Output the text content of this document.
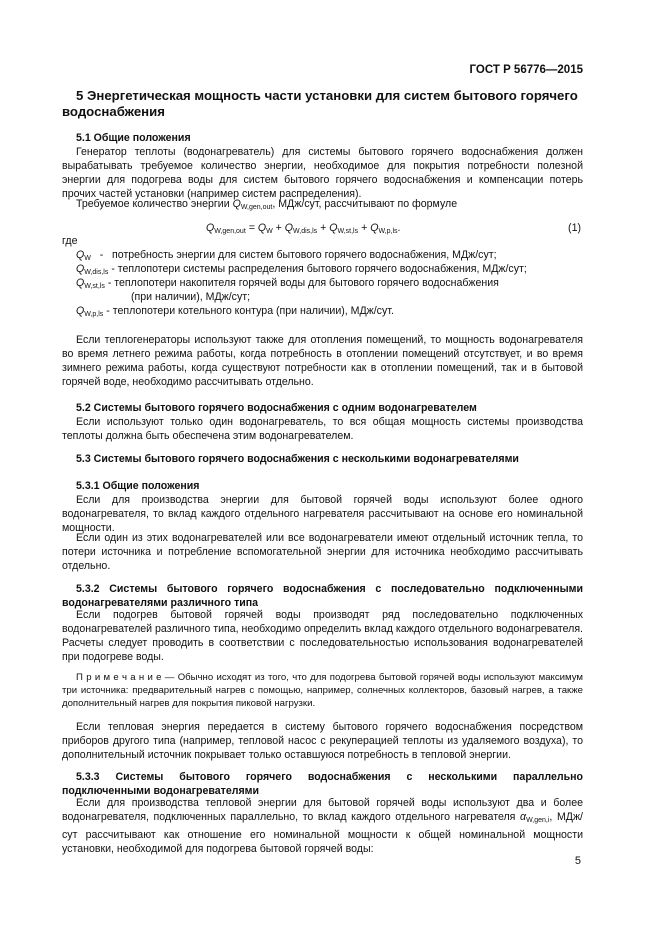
ГОСТ Р 56776—2015

5 Энергетическая мощность части установки для систем бытового горячего водоснабжения

5.1 Общие положения

Генератор теплоты (водонагреватель) для системы бытового горячего водоснабжения должен вырабатывать требуемое количество энергии, необходимое для покрытия потребности полезной энергии для подогрева воды для систем бытового горячего водоснабжения и компенсации потерь прочих частей установки (например систем распределения).

Требуемое количество энергии $Q_{W,gen,out}$, МДж/сут, рассчитывают по формуле

$Q_{W,gen,out} = Q_W + Q_{W,dis,ls} + Q_{W,st,ls} + Q_{W,p,ls}$.	(1)

где

$Q_W$   -   потребность энергии для систем бытового горячего водоснабжения, МДж/сут;
$Q_{W,dis,ls}$ - теплопотери системы распределения бытового горячего водоснабжения, МДж/сут;
$Q_{W,st,ls}$ - теплопотери накопителя горячей воды для бытового горячего водоснабжения
(при наличии), МДж/сут;
$Q_{W,p,ls}$ - теплопотери котельного контура (при наличии), МДж/сут.

Если теплогенераторы используют также для отопления помещений, то мощность водонагревателя во время летнего режима работы, когда потребность в отоплении помещений отсутствует, и во время зимнего режима работы, когда существуют потребности как в отоплении помещений, так и в бытовой горячей воде, необходимо рассчитывать отдельно.

5.2 Системы бытового горячего водоснабжения с одним водонагревателем

Если используют только один водонагреватель, то вся общая мощность системы производства теплоты должна быть обеспечена этим водонагревателем.

5.3 Системы бытового горячего водоснабжения с несколькими водонагревателями

5.3.1 Общие положения

Если для производства энергии для бытовой горячей воды используют более одного водонагревателя, то вклад каждого отдельного нагревателя рассчитывают на основе его номинальной мощности.

Если один из этих водонагревателей или все водонагреватели имеют отдельный источник тепла, то потери источника и потребление вспомогательной энергии для источника необходимо рассчитывать отдельно.

5.3.2 Системы бытового горячего водоснабжения с последовательно подключенными водонагревателями различного типа

Если подогрев бытовой горячей воды производят ряд последовательно подключенных водонагревателей различного типа, необходимо определить вклад каждого отдельного водонагревателя. Расчеты следует проводить в соответствии с последовательностью использования водонагревателей при подогреве воды.

П р и м е ч а н и е — Обычно исходят из того, что для подогрева бытовой горячей воды используют максимум три источника: предварительный нагрев с помощью, например, солнечных коллекторов, базовый нагрев, а также дополнительный нагрев для покрытия пиковой нагрузки.

Если тепловая энергия передается в систему бытового горячего водоснабжения посредством приборов другого типа (например, тепловой насос с рекуперацией теплоты из удаляемого воздуха), то дополнительный источник покрывает только оставшуюся потребность в тепловой энергии.

5.3.3 Системы бытового горячего водоснабжения с несколькими параллельно подключенными водонагревателями

Если для производства тепловой энергии для бытовой горячей воды используют два и более водонагревателя, подключенных параллельно, то вклад каждого отдельного нагревателя $\alpha_{W,gen,i}$, МДж/сут рассчитывают как отношение его номинальной мощности к общей номинальной мощности установки, необходимой для подогрева бытовой горячей воды:

5
